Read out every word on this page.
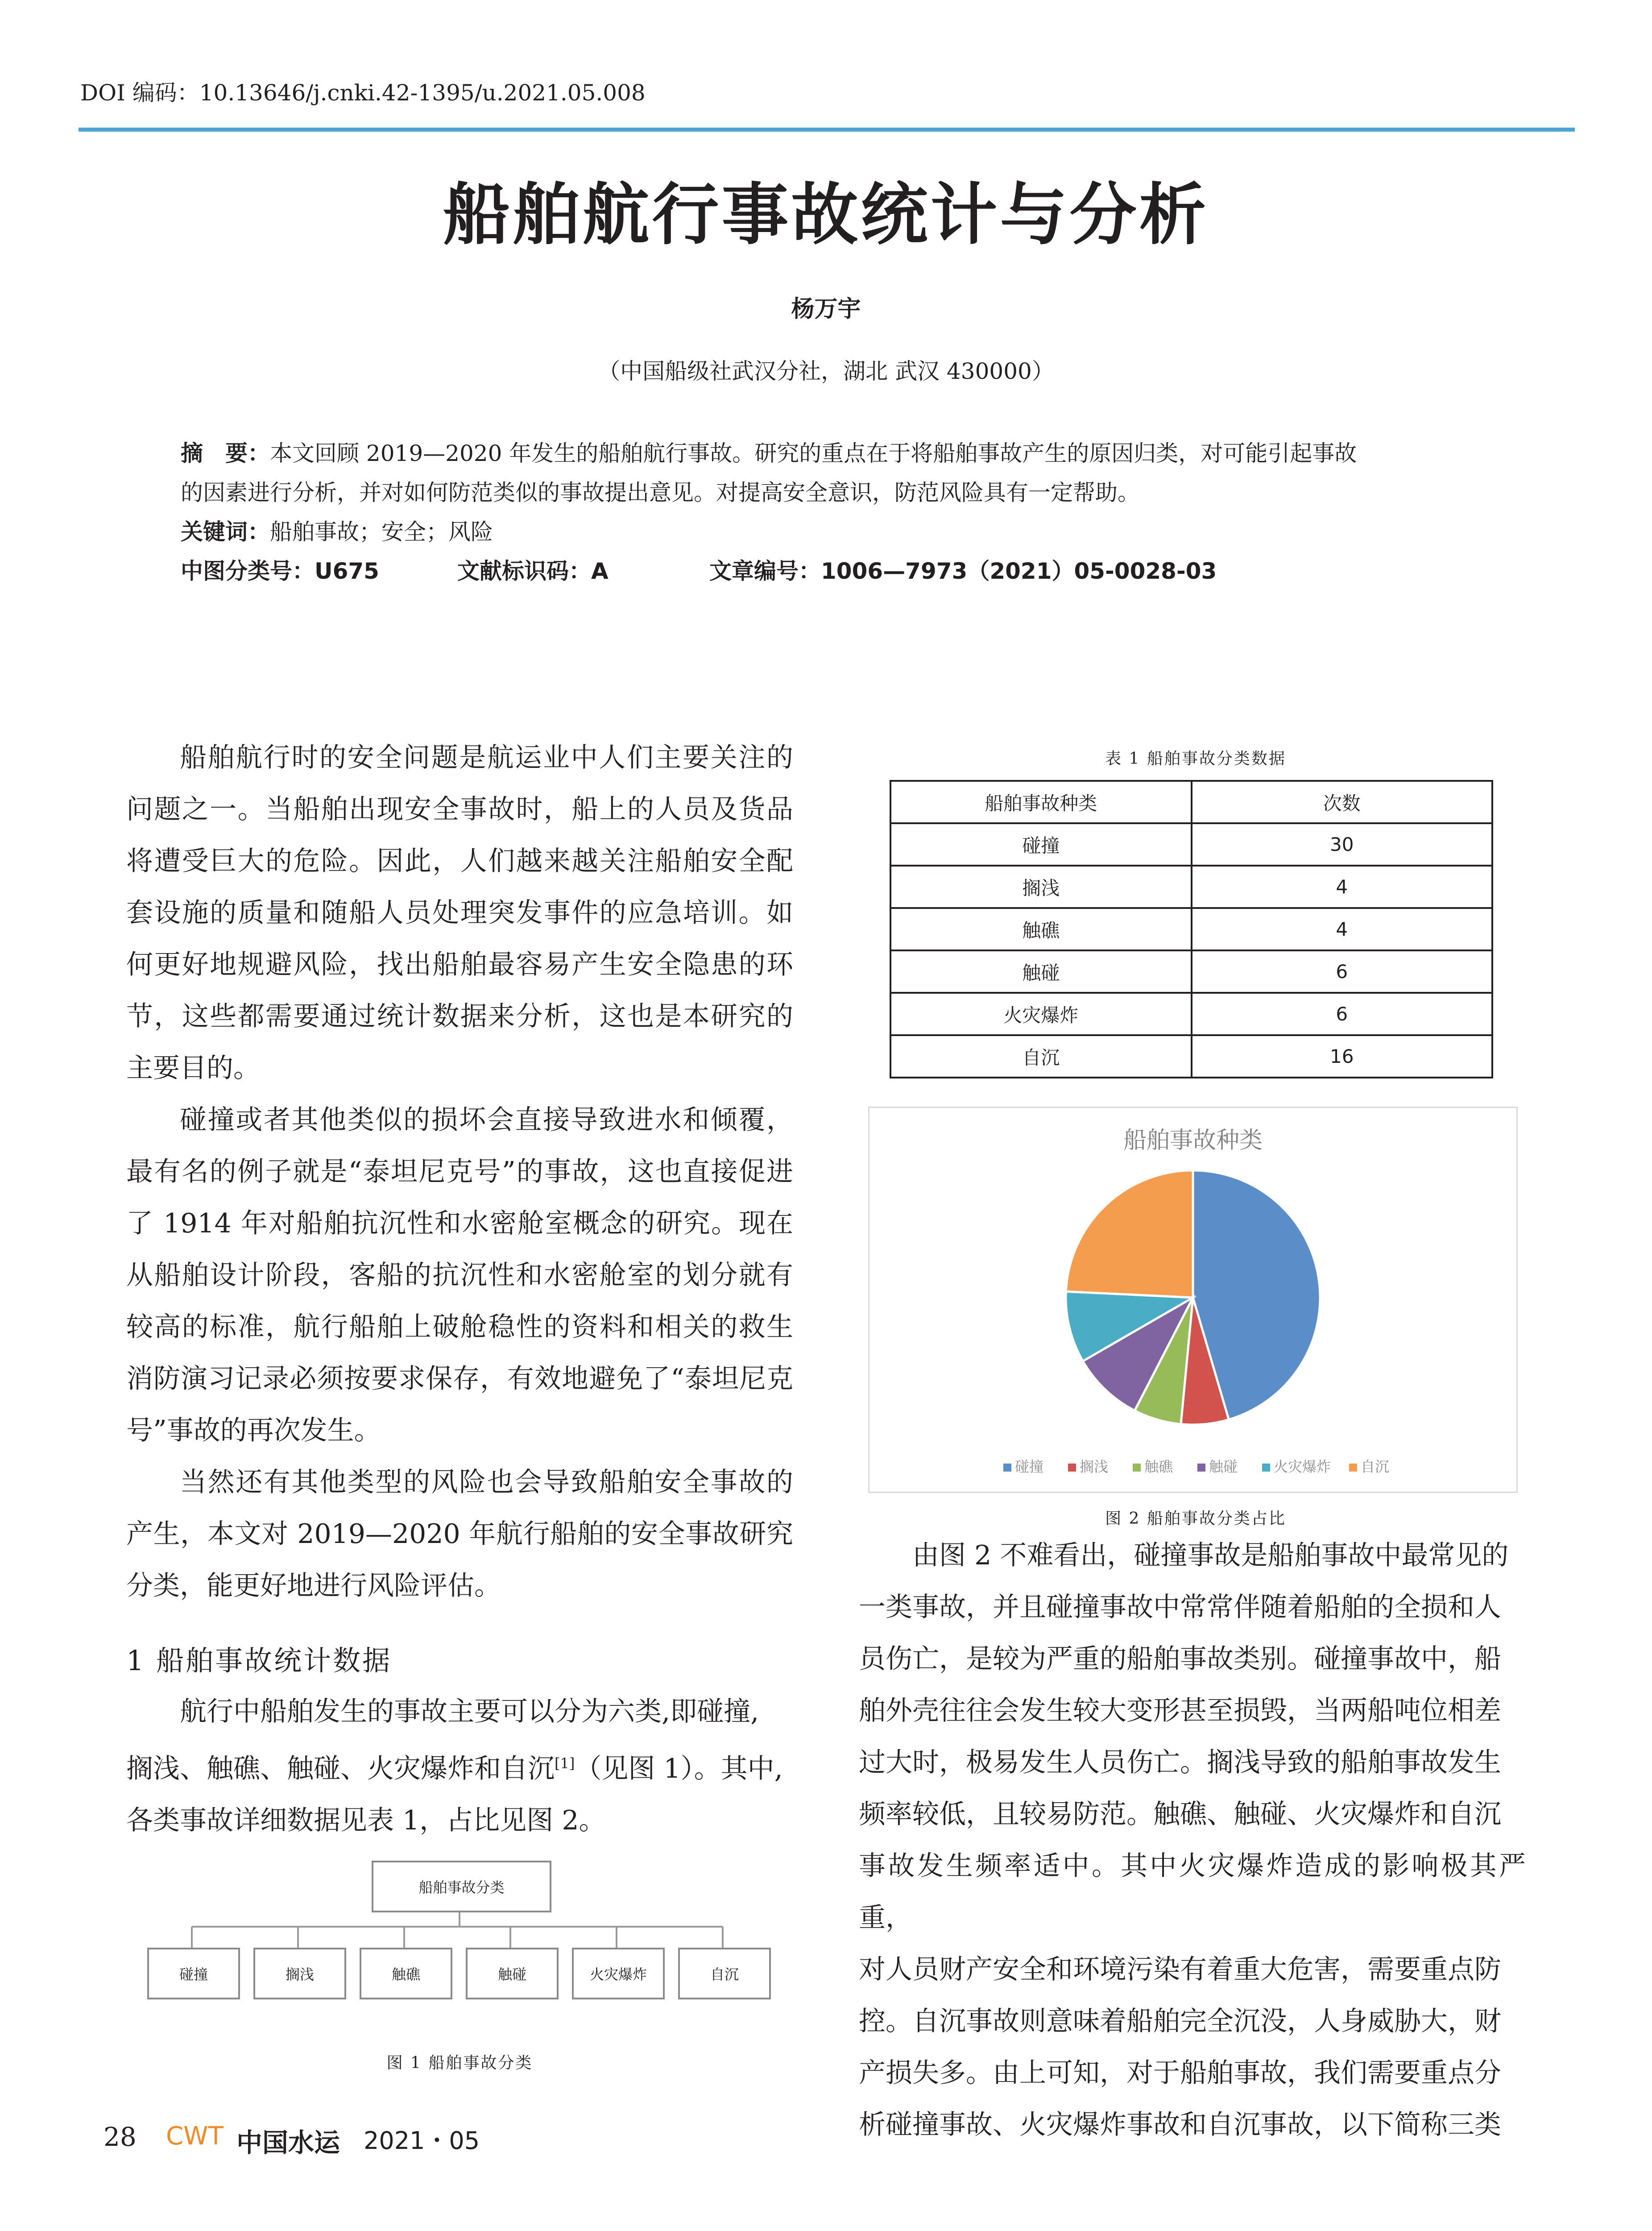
DOI 编码：10.13646/j.cnki.42-1395/u.2021.05.008
船舶航行事故统计与分析
杨万宇
（中国船级社武汉分社，湖北 武汉 430000）
摘　要：本文回顾 2019—2020 年发生的船舶航行事故。研究的重点在于将船舶事故产生的原因归类，对可能引起事故
的因素进行分析，并对如何防范类似的事故提出意见。对提高安全意识，防范风险具有一定帮助。
关键词：船舶事故；安全；风险
中图分类号：U675	文献标识码：A	文章编号：1006—7973（2021）05-0028-03

船舶航行时的安全问题是航运业中人们主要关注的问题之一。当船舶出现安全事故时，船上的人员及货品将遭受巨大的危险。因此，人们越来越关注船舶安全配套设施的质量和随船人员处理突发事件的应急培训。如何更好地规避风险，找出船舶最容易产生安全隐患的环节，这些都需要通过统计数据来分析，这也是本研究的主要目的。

碰撞或者其他类似的损坏会直接导致进水和倾覆，最有名的例子就是“泰坦尼克号”的事故，这也直接促进了 1914 年对船舶抗沉性和水密舱室概念的研究。现在从船舶设计阶段，客船的抗沉性和水密舱室的划分就有较高的标准，航行船舶上破舱稳性的资料和相关的救生消防演习记录必须按要求保存，有效地避免了“泰坦尼克号”事故的再次发生。

当然还有其他类型的风险也会导致船舶安全事故的产生，本文对 2019—2020 年航行船舶的安全事故研究分类，能更好地进行风险评估。

1 船舶事故统计数据
航行中船舶发生的事故主要可以分为六类,即碰撞,
搁浅、触礁、触碰、火灾爆炸和自沉[1]（见图 1）。其中,
各类事故详细数据见表 1，占比见图 2。
船舶事故分类
碰撞	搁浅	触礁	触碰	火灾爆炸	自沉
图 1 船舶事故分类
表 1 船舶事故分类数据
船舶事故种类	次数
碰撞	30
搁浅	4
触礁	4
触碰	6
火灾爆炸	6
自沉	16
船舶事故种类
碰撞	搁浅	触礁	触碰	火灾爆炸 自沉
图 2 船舶事故分类占比
由图 2 不难看出，碰撞事故是船舶事故中最常见的
一类事故，并且碰撞事故中常常伴随着船舶的全损和人
员伤亡，是较为严重的船舶事故类别。碰撞事故中，船
舶外壳往往会发生较大变形甚至损毁，当两船吨位相差
过大时，极易发生人员伤亡。搁浅导致的船舶事故发生
频率较低，且较易防范。触礁、触碰、火灾爆炸和自沉
事故发生频率适中。其中火灾爆炸造成的影响极其严重，
对人员财产安全和环境污染有着重大危害，需要重点防
控。自沉事故则意味着船舶完全沉没，人身威胁大，财
产损失多。由上可知，对于船舶事故，我们需要重点分
析碰撞事故、火灾爆炸事故和自沉事故，以下简称三类
28 CWT 中国水运 2021・05
